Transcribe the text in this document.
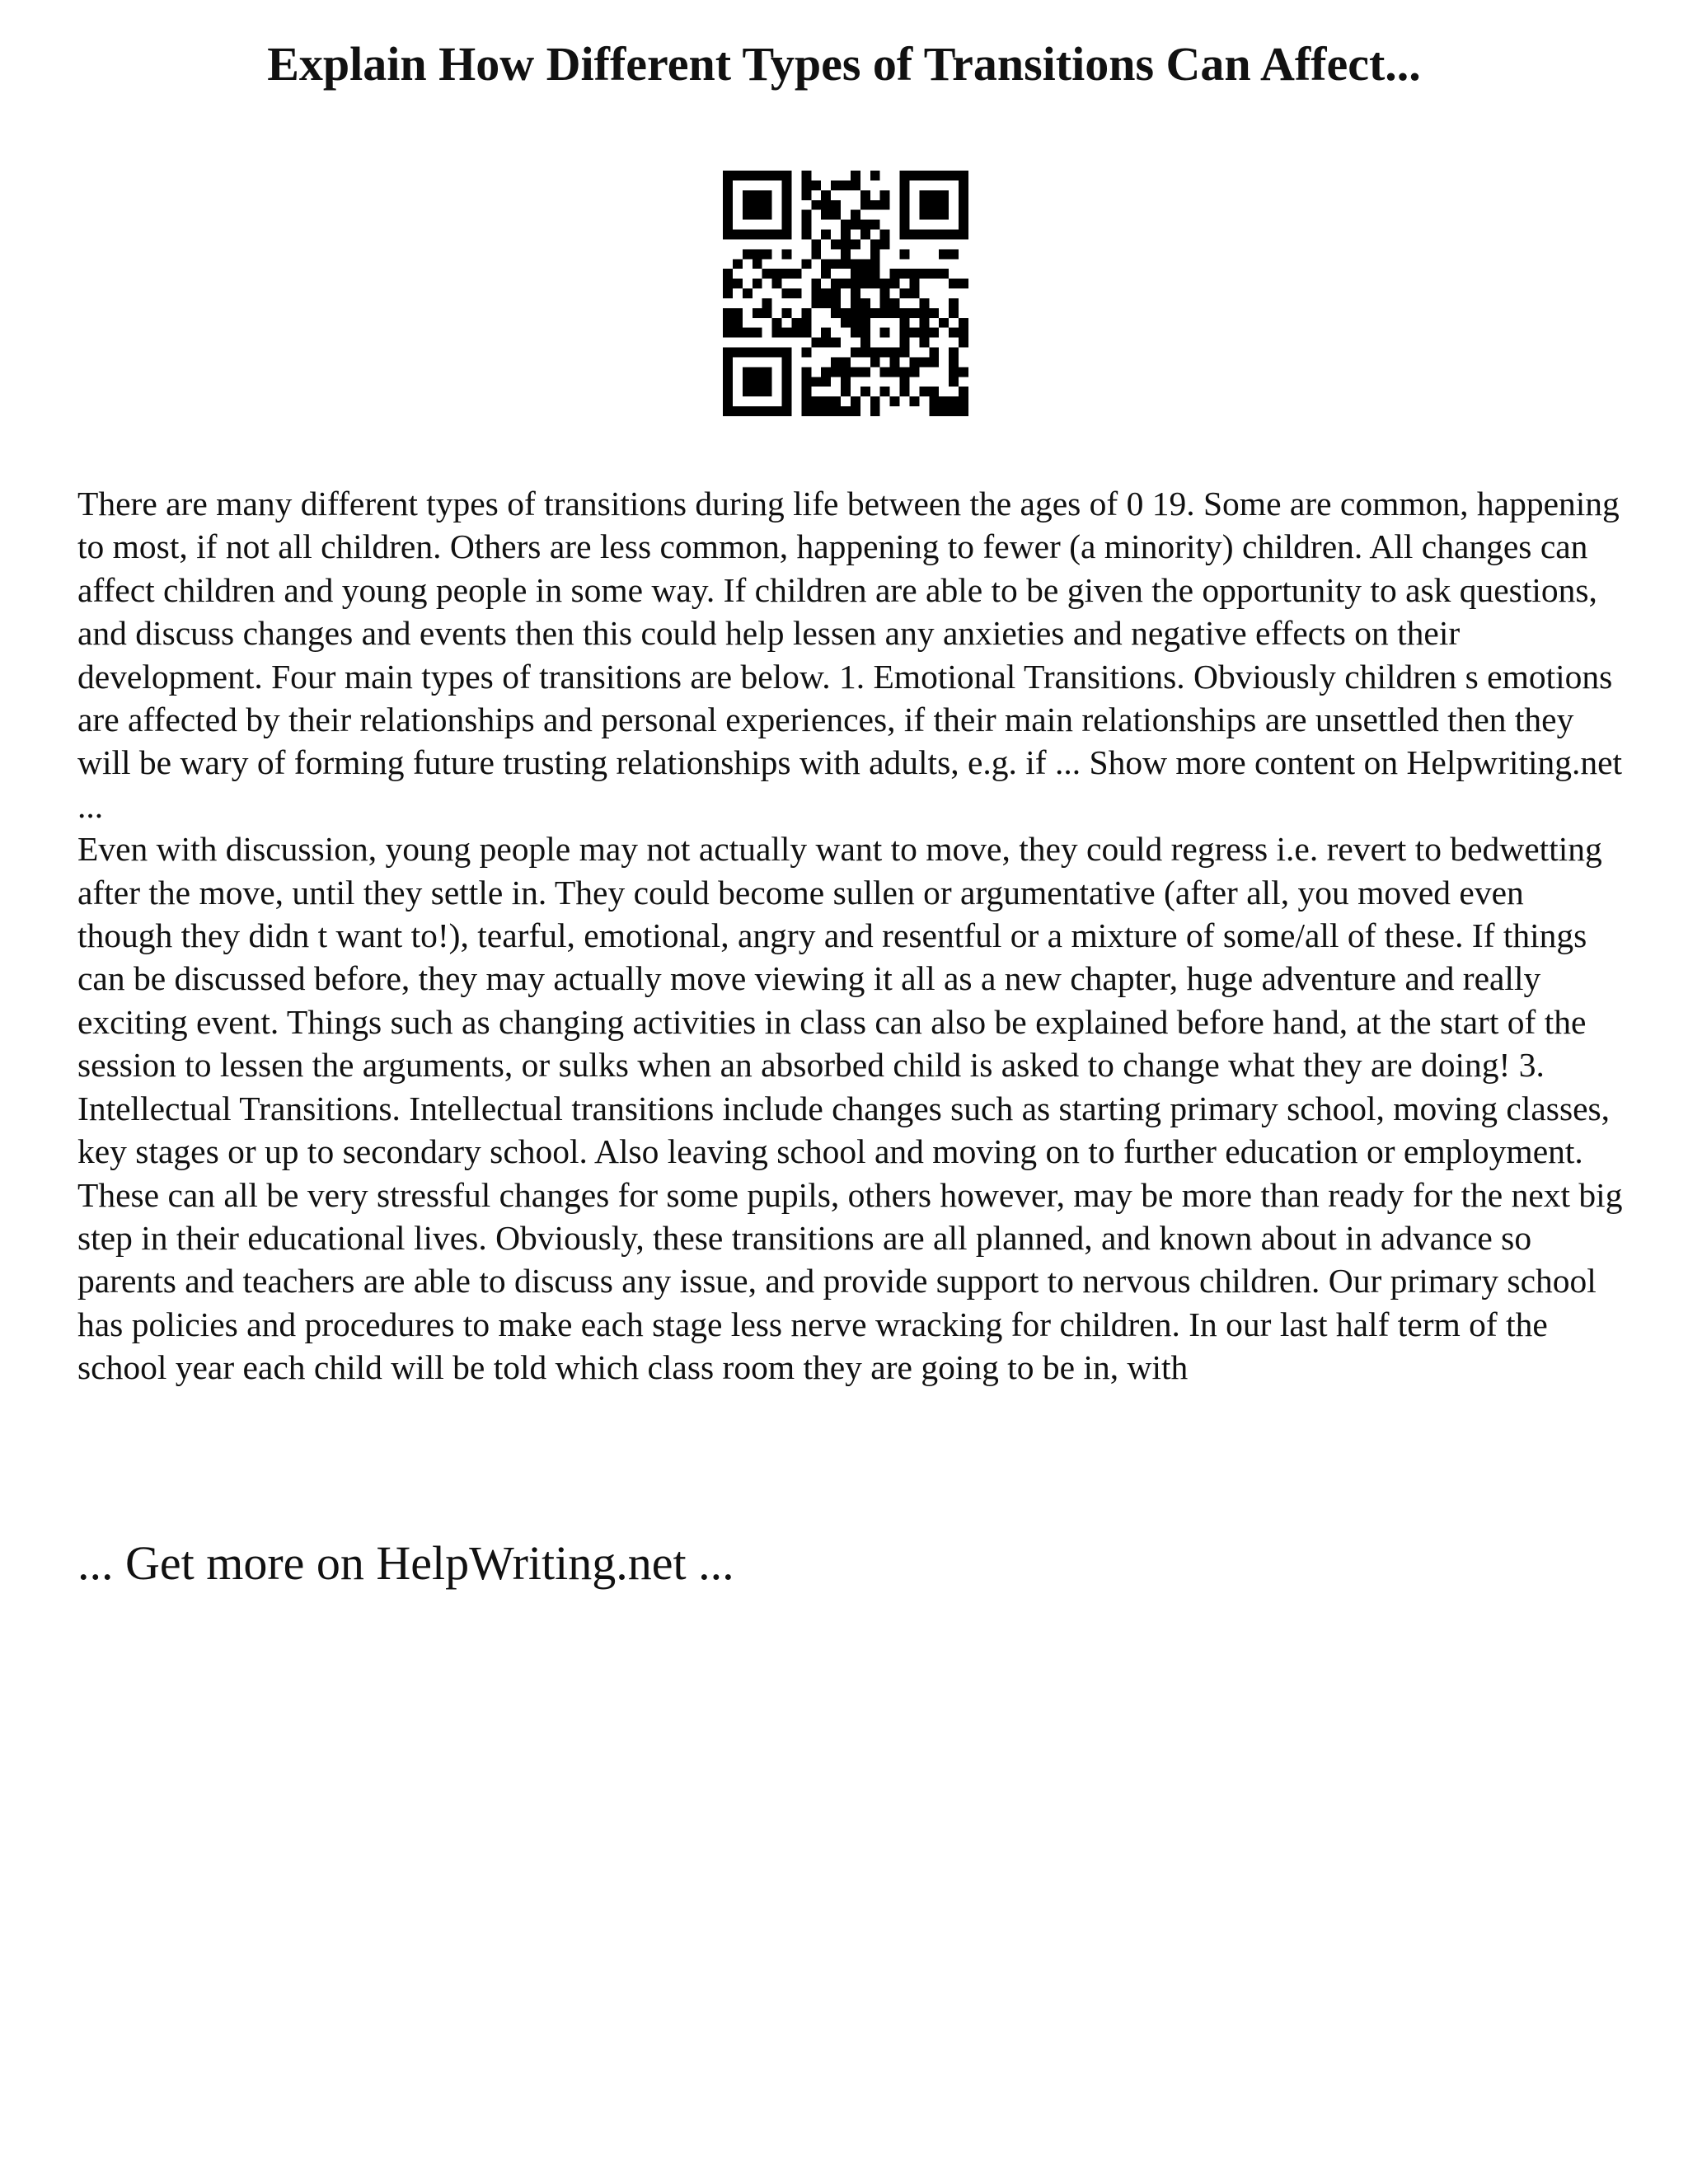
Explain How Different Types of Transitions Can Affect...

There are many different types of transitions during life between the ages of 0 19. Some are common, happening to most, if not all children. Others are less common, happening to fewer (a minority) children. All changes can affect children and young people in some way. If children are able to be given the opportunity to ask questions, and discuss changes and events then this could help lessen any anxieties and negative effects on their development. Four main types of transitions are below. 1. Emotional Transitions. Obviously children s emotions are affected by their relationships and personal experiences, if their main relationships are unsettled then they will be wary of forming future trusting relationships with adults, e.g. if ... Show more content on Helpwriting.net ...

Even with discussion, young people may not actually want to move, they could regress i.e. revert to bedwetting after the move, until they settle in. They could become sullen or argumentative (after all, you moved even though they didn t want to!), tearful, emotional, angry and resentful or a mixture of some/all of these. If things can be discussed before, they may actually move viewing it all as a new chapter, huge adventure and really exciting event. Things such as changing activities in class can also be explained before hand, at the start of the session to lessen the arguments, or sulks when an absorbed child is asked to change what they are doing! 3. Intellectual Transitions. Intellectual transitions include changes such as starting primary school, moving classes, key stages or up to secondary school. Also leaving school and moving on to further education or employment. These can all be very stressful changes for some pupils, others however, may be more than ready for the next big step in their educational lives. Obviously, these transitions are all planned, and known about in advance so parents and teachers are able to discuss any issue, and provide support to nervous children. Our primary school has policies and procedures to make each stage less nerve wracking for children. In our last half term of the school year each child will be told which class room they are going to be in, with

... Get more on HelpWriting.net ...
